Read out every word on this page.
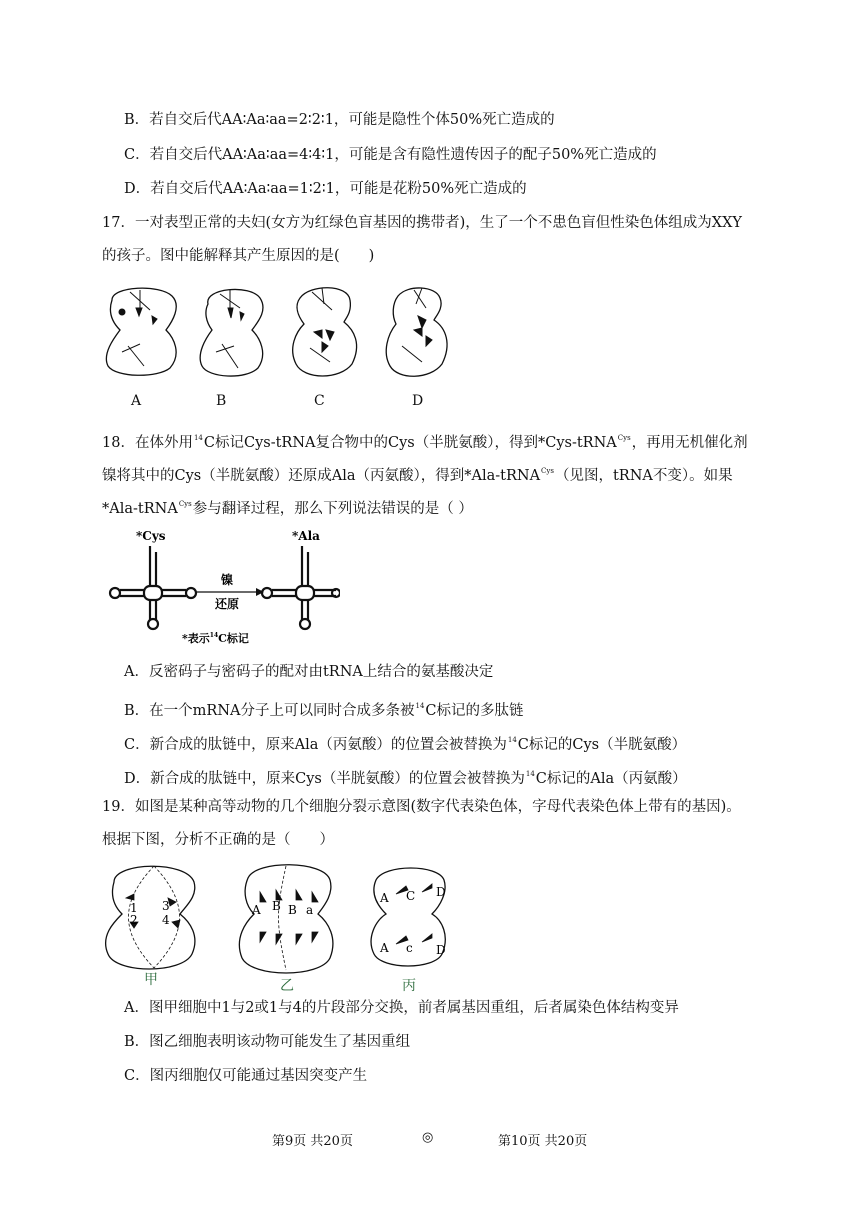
B．若自交后代AA∶Aa∶aa=2∶2∶1，可能是隐性个体50%死亡造成的
C．若自交后代AA∶Aa∶aa=4∶4∶1，可能是含有隐性遗传因子的配子50%死亡造成的
D．若自交后代AA∶Aa∶aa=1∶2∶1，可能是花粉50%死亡造成的
17．一对表型正常的夫妇(女方为红绿色盲基因的携带者)，生了一个不患色盲但性染色体组成为XXY
的孩子。图中能解释其产生原因的是(　　)
A	B	C	D
18．在体外用$^{14}$C标记Cys-tRNA复合物中的Cys（半胱氨酸），得到*Cys-tRNA$^{Cys}$，再用无机催化剂
镍将其中的Cys（半胱氨酸）还原成Ala（丙氨酸），得到*Ala-tRNA$^{Cys}$（见图，tRNA不变）。如果
*Ala-tRNA$^{Cys}$参与翻译过程，那么下列说法错误的是（ ）
*Cys	*Ala
镍
还原
*表示$^{14}$C标记
A．反密码子与密码子的配对由tRNA上结合的氨基酸决定
B．在一个mRNA分子上可以同时合成多条被$^{14}$C标记的多肽链
C．新合成的肽链中，原来Ala（丙氨酸）的位置会被替换为$^{14}$C标记的Cys（半胱氨酸）
D．新合成的肽链中，原来Cys（半胱氨酸）的位置会被替换为$^{14}$C标记的Ala（丙氨酸）
19．如图是某种高等动物的几个细胞分裂示意图(数字代表染色体，字母代表染色体上带有的基因)。
根据下图，分析不正确的是（　　）
1
2
3
4
A B B a
A C D
A c D
甲	乙	丙
A．图甲细胞中1与2或1与4的片段部分交换，前者属基因重组，后者属染色体结构变异
B．图乙细胞表明该动物可能发生了基因重组
C．图丙细胞仅可能通过基因突变产生
第9页 共20页	◎	第10页 共20页
